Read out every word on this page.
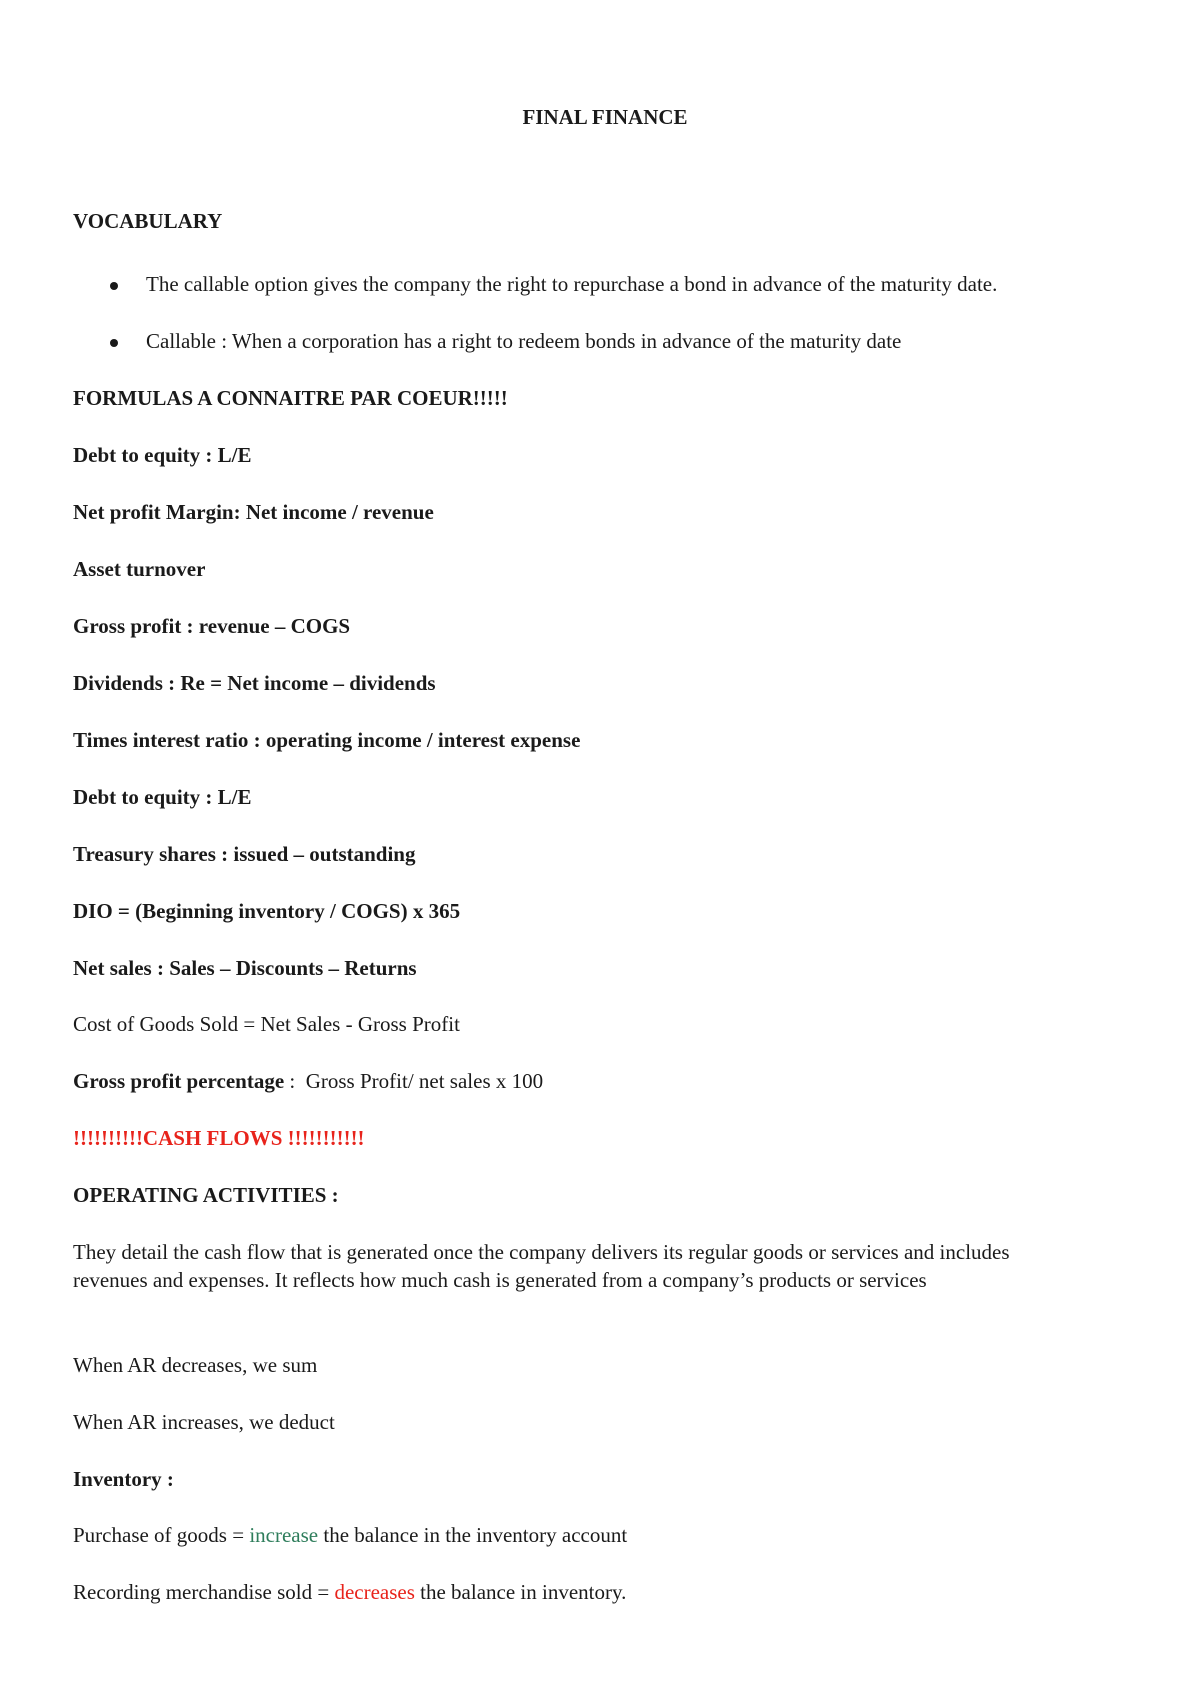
FINAL FINANCE
VOCABULARY
The callable option gives the company the right to repurchase a bond in advance of the maturity date.
Callable : When a corporation has a right to redeem bonds in advance of the maturity date
FORMULAS A CONNAITRE PAR COEUR!!!!!
Debt to equity : L/E
Net profit Margin: Net income / revenue
Asset turnover
Gross profit : revenue – COGS
Dividends : Re = Net income – dividends
Times interest ratio : operating income / interest expense
Debt to equity : L/E
Treasury shares : issued – outstanding
DIO = (Beginning inventory / COGS) x 365
Net sales : Sales – Discounts – Returns
Cost of Goods Sold = Net Sales - Gross Profit
Gross profit percentage :  Gross Profit/ net sales x 100
!!!!!!!!!!CASH FLOWS !!!!!!!!!!!
OPERATING ACTIVITIES :
They detail the cash flow that is generated once the company delivers its regular goods or services and includes revenues and expenses. It reflects how much cash is generated from a company’s products or services
When AR decreases, we sum
When AR increases, we deduct
Inventory :
Purchase of goods = increase the balance in the inventory account
Recording merchandise sold = decreases the balance in inventory.
